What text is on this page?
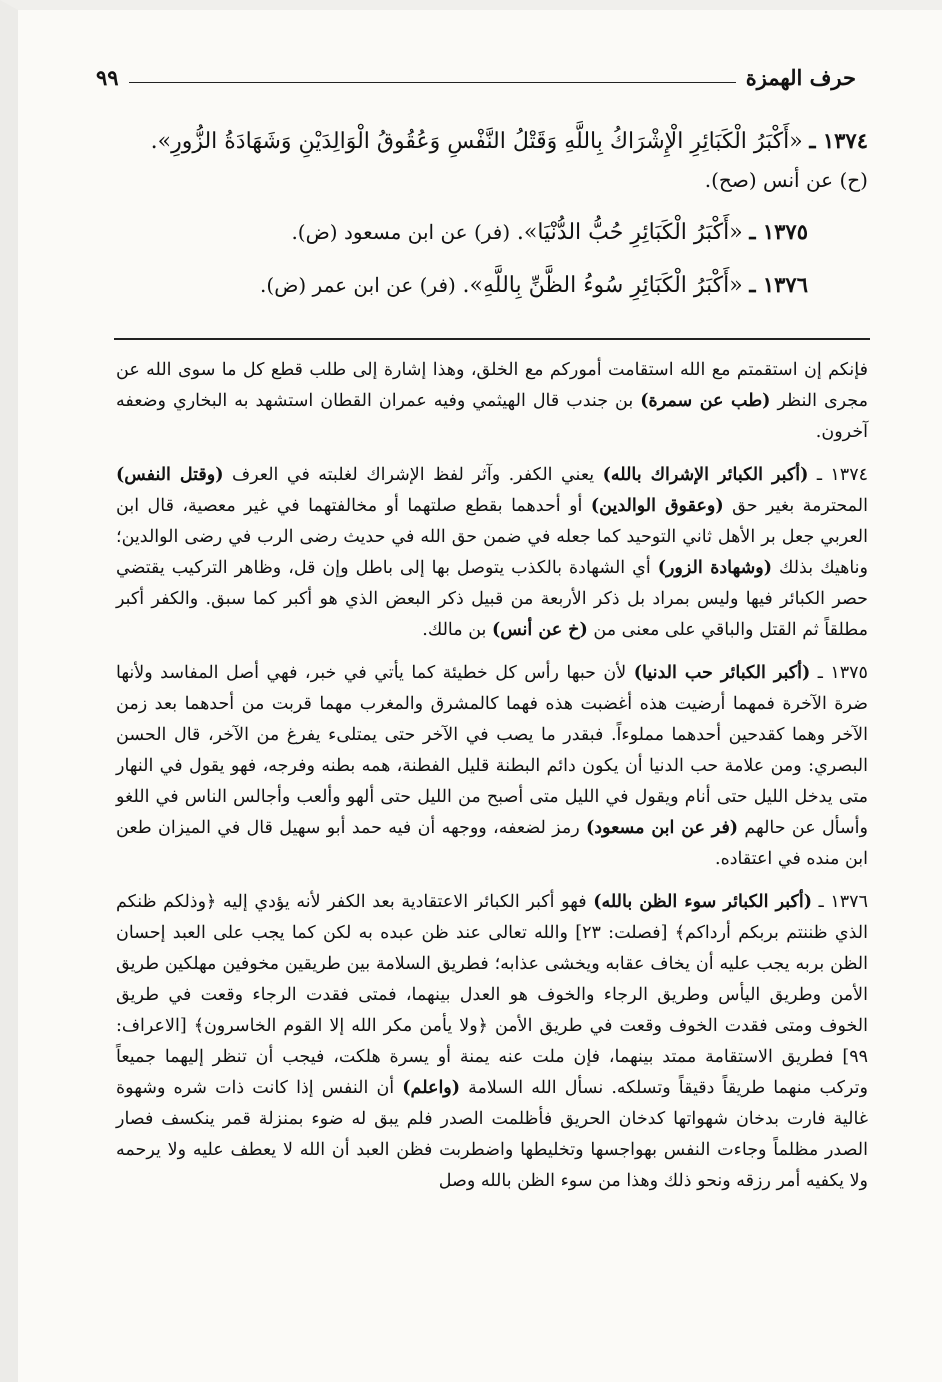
حرف الهمزة
٩٩
١٣٧٤ ـ «أَكْبَرُ الْكَبَائِرِ الْإِشْرَاكُ بِاللَّهِ وَقَتْلُ النَّفْسِ وَعُقُوقُ الْوَالِدَيْنِ وَشَهَادَةُ الزُّورِ».
(ح) عن أنس (صح).
١٣٧٥ ـ «أَكْبَرُ الْكَبَائِرِ حُبُّ الدُّنْيَا». (فر) عن ابن مسعود (ض).
١٣٧٦ ـ «أَكْبَرُ الْكَبَائِرِ سُوءُ الظَّنِّ بِاللَّهِ». (فر) عن ابن عمر (ض).

فإنكم إن استقمتم مع الله استقامت أموركم مع الخلق، وهذا إشارة إلى طلب قطع كل ما سوى الله عن مجرى النظر (طب عن سمرة) بن جندب قال الهيثمي وفيه عمران القطان استشهد به البخاري وضعفه آخرون.

١٣٧٤ ـ (أكبر الكبائر الإشراك بالله) يعني الكفر. وآثر لفظ الإشراك لغلبته في العرف (وقتل النفس) المحترمة بغير حق (وعقوق الوالدين) أو أحدهما بقطع صلتهما أو مخالفتهما في غير معصية، قال ابن العربي جعل بر الأهل ثاني التوحيد كما جعله في ضمن حق الله في حديث رضى الرب في رضى الوالدين؛ وناهيك بذلك (وشهادة الزور) أي الشهادة بالكذب يتوصل بها إلى باطل وإن قل، وظاهر التركيب يقتضي حصر الكبائر فيها وليس بمراد بل ذكر الأربعة من قبيل ذكر البعض الذي هو أكبر كما سبق. والكفر أكبر مطلقاً ثم القتل والباقي على معنى من (خ عن أنس) بن مالك.

١٣٧٥ ـ (أكبر الكبائر حب الدنيا) لأن حبها رأس كل خطيئة كما يأتي في خبر، فهي أصل المفاسد ولأنها ضرة الآخرة فمهما أرضيت هذه أغضبت هذه فهما كالمشرق والمغرب مهما قربت من أحدهما بعد زمن الآخر وهما كقدحين أحدهما مملوءاً. فبقدر ما يصب في الآخر حتى يمتلىء يفرغ من الآخر، قال الحسن البصري: ومن علامة حب الدنيا أن يكون دائم البطنة قليل الفطنة، همه بطنه وفرجه، فهو يقول في النهار متى يدخل الليل حتى أنام ويقول في الليل متى أصبح من الليل حتى ألهو وألعب وأجالس الناس في اللغو وأسأل عن حالهم (فر عن ابن مسعود) رمز لضعفه، ووجهه أن فيه حمد أبو سهيل قال في الميزان طعن ابن منده في اعتقاده.

١٣٧٦ ـ (أكبر الكبائر سوء الظن بالله) فهو أكبر الكبائر الاعتقادية بعد الكفر لأنه يؤدي إليه ﴿وذلكم ظنكم الذي ظننتم بربكم أرداكم﴾ [فصلت: ٢٣] والله تعالى عند ظن عبده به لكن كما يجب على العبد إحسان الظن بربه يجب عليه أن يخاف عقابه ويخشى عذابه؛ فطريق السلامة بين طريقين مخوفين مهلكين طريق الأمن وطريق اليأس وطريق الرجاء والخوف هو العدل بينهما، فمتى فقدت الرجاء وقعت في طريق الخوف ومتى فقدت الخوف وقعت في طريق الأمن ﴿ولا يأمن مكر الله إلا القوم الخاسرون﴾ [الاعراف: ٩٩] فطريق الاستقامة ممتد بينهما، فإن ملت عنه يمنة أو يسرة هلكت، فيجب أن تنظر إليهما جميعاً وتركب منهما طريقاً دقيقاً وتسلكه. نسأل الله السلامة (واعلم) أن النفس إذا كانت ذات شره وشهوة غالية فارت بدخان شهواتها كدخان الحريق فأظلمت الصدر فلم يبق له ضوء بمنزلة قمر ينكسف فصار الصدر مظلماً وجاءت النفس بهواجسها وتخليطها واضطربت فظن العبد أن الله لا يعطف عليه ولا يرحمه ولا يكفيه أمر رزقه ونحو ذلك وهذا من سوء الظن بالله وصل
